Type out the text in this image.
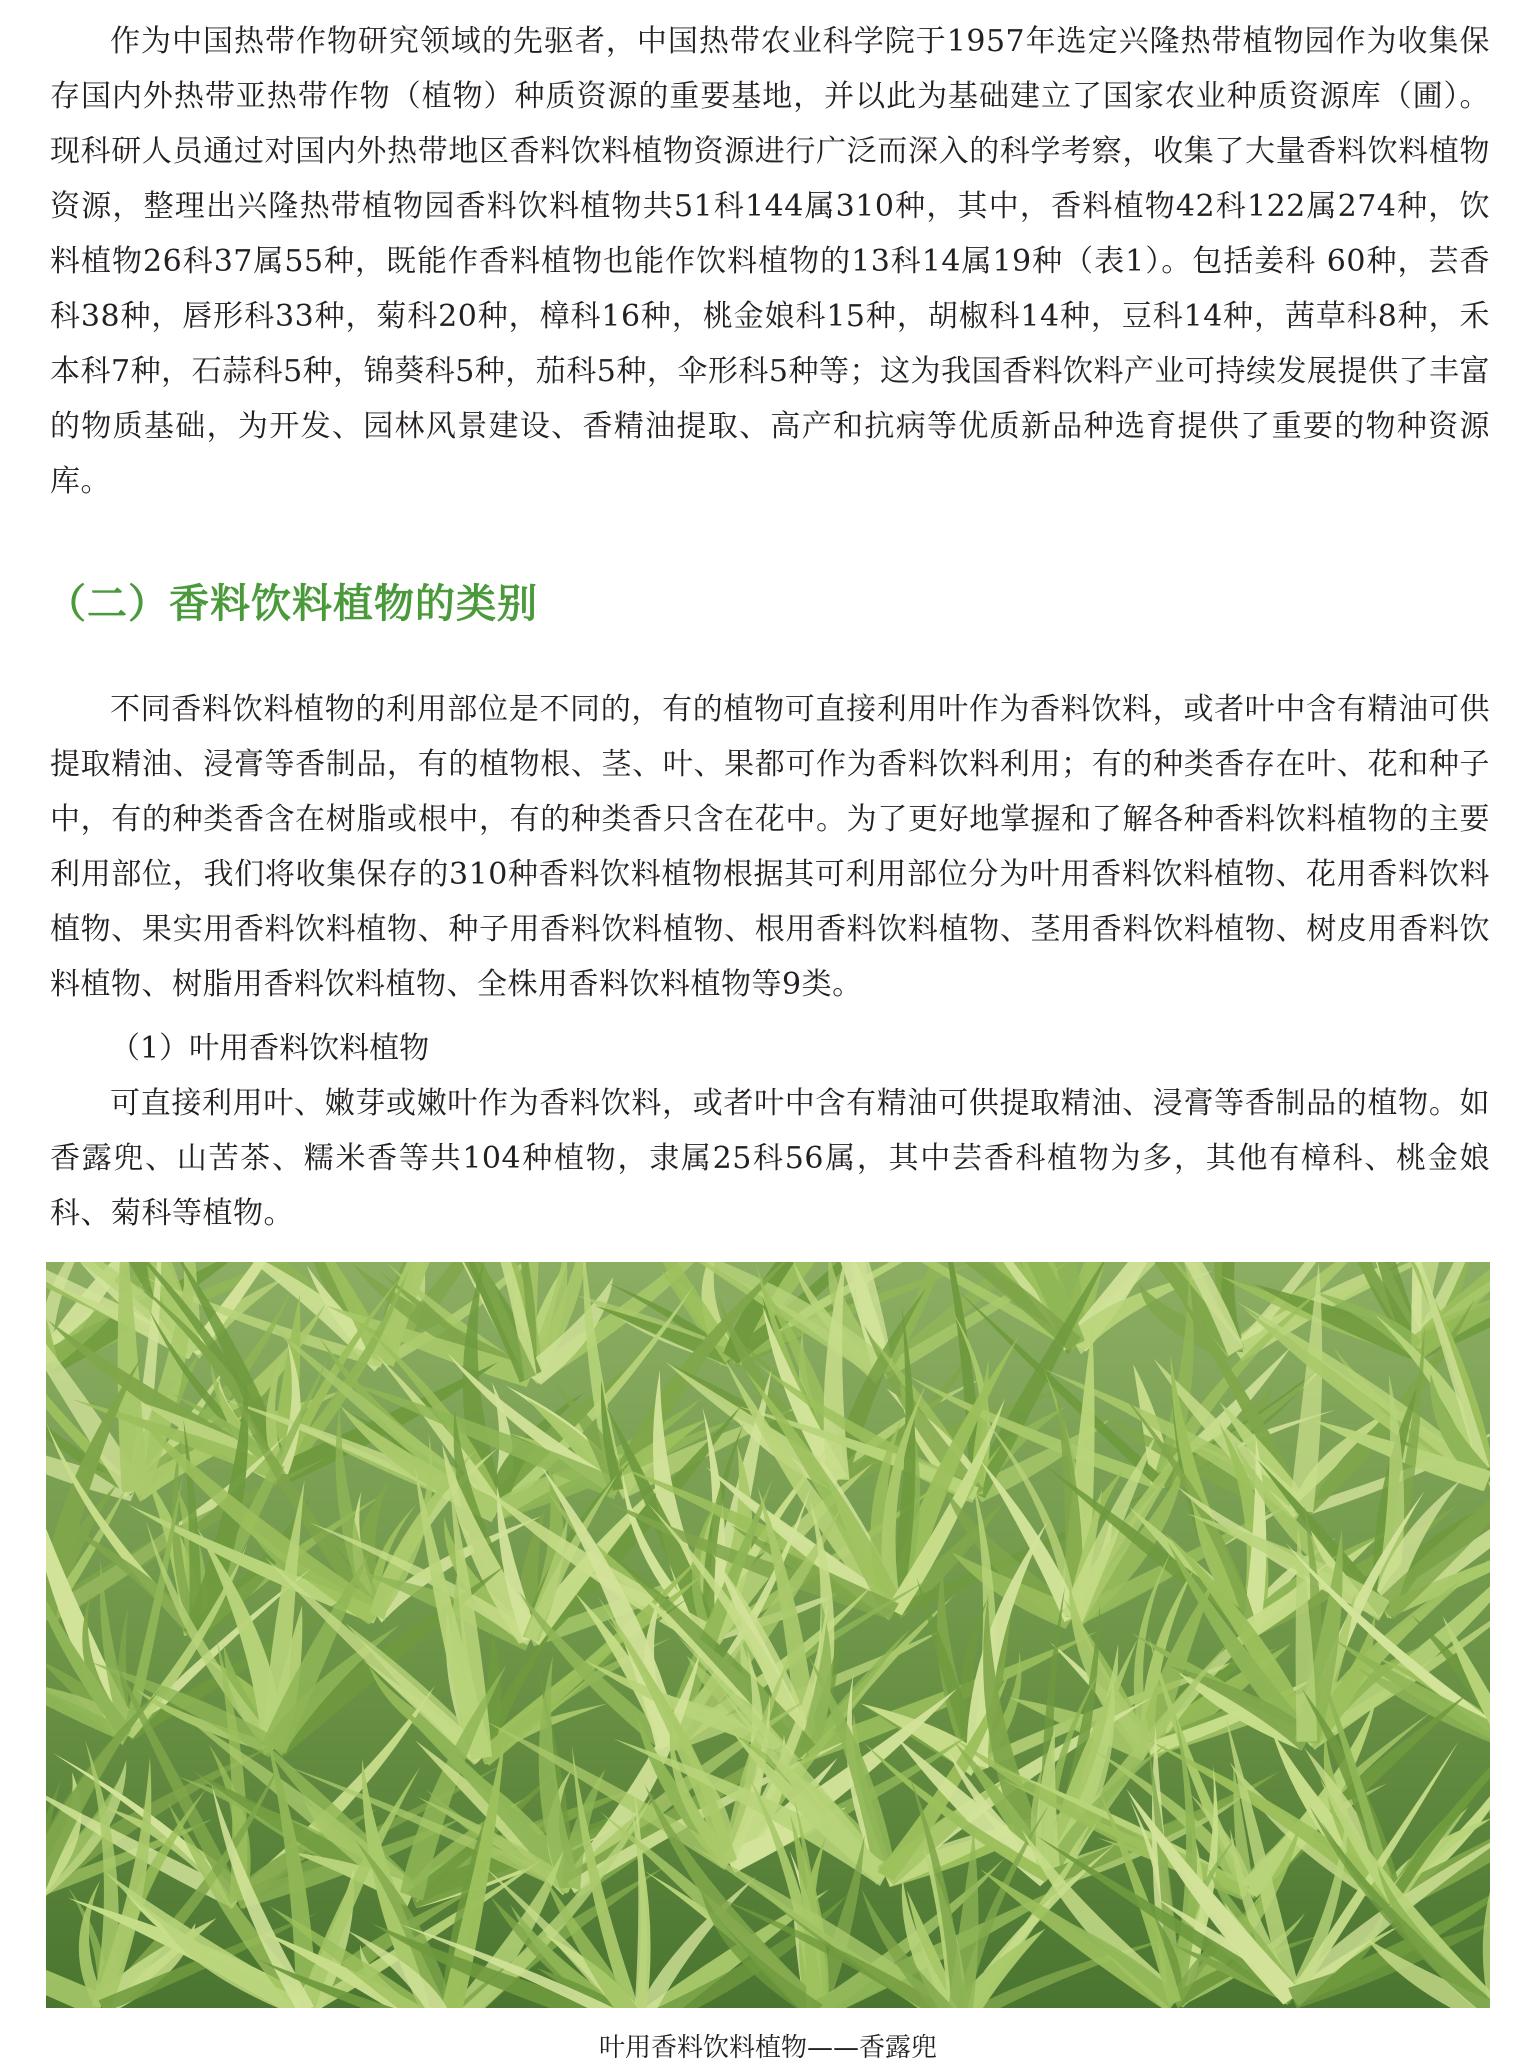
作为中国热带作物研究领域的先驱者，中国热带农业科学院于1957年选定兴隆热带植物园作为收集保存国内外热带亚热带作物（植物）种质资源的重要基地，并以此为基础建立了国家农业种质资源库（圃）。现科研人员通过对国内外热带地区香料饮料植物资源进行广泛而深入的科学考察，收集了大量香料饮料植物资源，整理出兴隆热带植物园香料饮料植物共51科144属310种，其中，香料植物42科122属274种，饮料植物26科37属55种，既能作香料植物也能作饮料植物的13科14属19种（表1）。包括姜科 60种，芸香科38种，唇形科33种，菊科20种，樟科16种，桃金娘科15种，胡椒科14种，豆科14种，茜草科8种，禾本科7种，石蒜科5种，锦葵科5种，茄科5种，伞形科5种等；这为我国香料饮料产业可持续发展提供了丰富的物质基础，为开发、园林风景建设、香精油提取、高产和抗病等优质新品种选育提供了重要的物种资源库。

（二）香料饮料植物的类别

不同香料饮料植物的利用部位是不同的，有的植物可直接利用叶作为香料饮料，或者叶中含有精油可供提取精油、浸膏等香制品，有的植物根、茎、叶、果都可作为香料饮料利用；有的种类香存在叶、花和种子中，有的种类香含在树脂或根中，有的种类香只含在花中。为了更好地掌握和了解各种香料饮料植物的主要利用部位，我们将收集保存的310种香料饮料植物根据其可利用部位分为叶用香料饮料植物、花用香料饮料植物、果实用香料饮料植物、种子用香料饮料植物、根用香料饮料植物、茎用香料饮料植物、树皮用香料饮料植物、树脂用香料饮料植物、全株用香料饮料植物等9类。

（1）叶用香料饮料植物

可直接利用叶、嫩芽或嫩叶作为香料饮料，或者叶中含有精油可供提取精油、浸膏等香制品的植物。如香露兜、山苦茶、糯米香等共104种植物，隶属25科56属，其中芸香科植物为多，其他有樟科、桃金娘科、菊科等植物。

叶用香料饮料植物——香露兜
